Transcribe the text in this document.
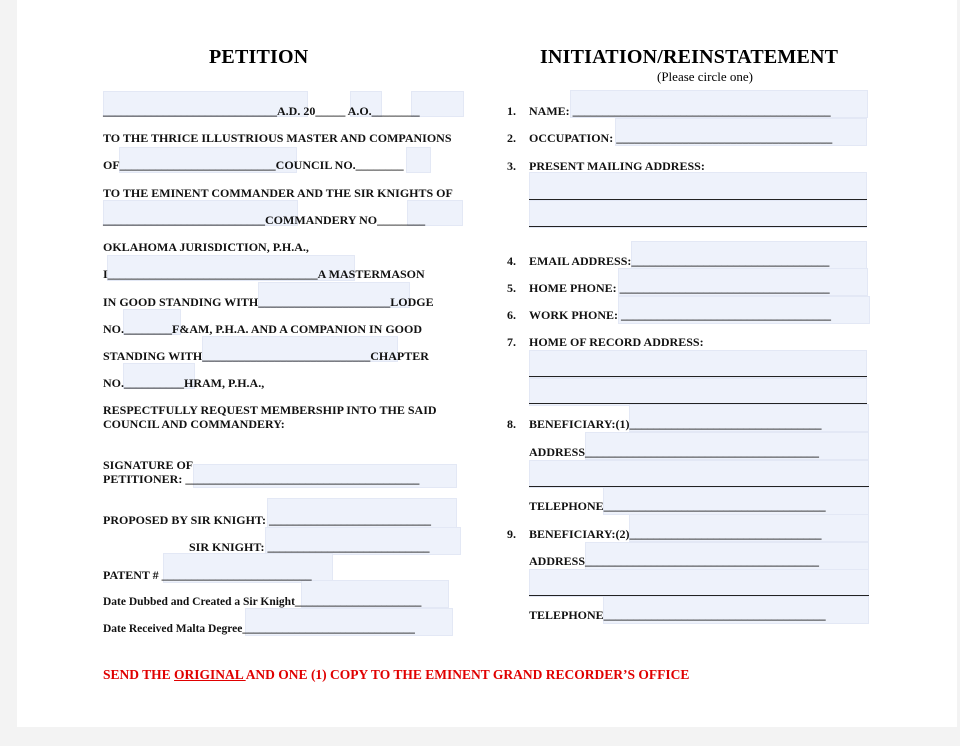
PETITION
_____________________________A.D. 20_____ A.O.________
TO THE THRICE ILLUSTRIOUS MASTER AND COMPANIONS
OF__________________________COUNCIL NO.________
TO THE EMINENT COMMANDER AND THE SIR KNIGHTS OF
___________________________COMMANDERY NO________
OKLAHOMA JURISDICTION, P.H.A.,
I___________________________________A MASTERMASON
IN GOOD STANDING WITH______________________LODGE
NO.________F&AM, P.H.A. AND A COMPANION IN GOOD
STANDING WITH____________________________CHAPTER
NO.__________HRAM, P.H.A.,
RESPECTFULLY REQUEST MEMBERSHIP INTO THE SAID
COUNCIL AND COMMANDERY:
SIGNATURE OF
PETITIONER: _______________________________________
PROPOSED BY SIR KNIGHT: ___________________________
SIR KNIGHT: ___________________________
PATENT # _________________________
Date Dubbed and Created a Sir Knight______________________
Date Received Malta Degree______________________________
INITIATION/REINSTATEMENT
(Please circle one)
1. NAME: ___________________________________________
2. OCCUPATION: ____________________________________
3. PRESENT MAILING ADDRESS:
4. EMAIL ADDRESS:_________________________________
5. HOME PHONE: ___________________________________
6. WORK PHONE: ___________________________________
7. HOME OF RECORD ADDRESS:
8. BENEFICIARY:(1)________________________________
ADDRESS_______________________________________
TELEPHONE_____________________________________
9. BENEFICIARY:(2)________________________________
ADDRESS_______________________________________
TELEPHONE_____________________________________
SEND THE ORIGINAL AND ONE (1) COPY TO THE EMINENT GRAND RECORDER’S OFFICE
